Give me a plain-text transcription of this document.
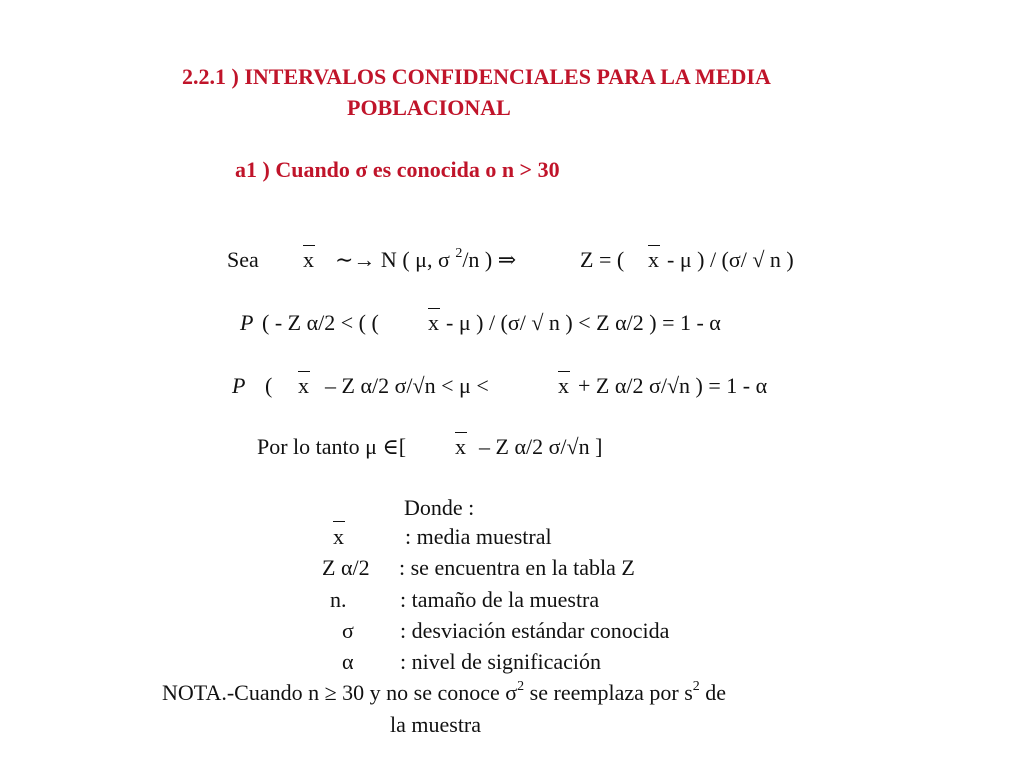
2.2.1 ) INTERVALOS CONFIDENCIALES PARA LA MEDIA
POBLACIONAL
a1 ) Cuando σ es conocida o n > 30
Sea x ∼→ N ( μ, σ $^2$/n ) ⇒	Z = ( x - μ ) / (σ/ √ n )
P ( - Z α/2 < ( ( x - μ ) / (σ/ √ n ) < Z α/2 ) = 1 - α
P ( x – Z α/2 σ/√n < μ <	x + Z α/2 σ/√n ) = 1 - α
Por lo tanto μ ∈[ x – Z α/2 σ/√n ]
Donde :
x	: media muestral
Z α/2 : se encuentra en la tabla Z
n. : tamaño de la muestra
σ : desviación estándar conocida
α : nivel de significación
NOTA.-Cuando n ≥ 30 y no se conoce $\sigma^2$ se reemplaza por $s^2$ de
la muestra
